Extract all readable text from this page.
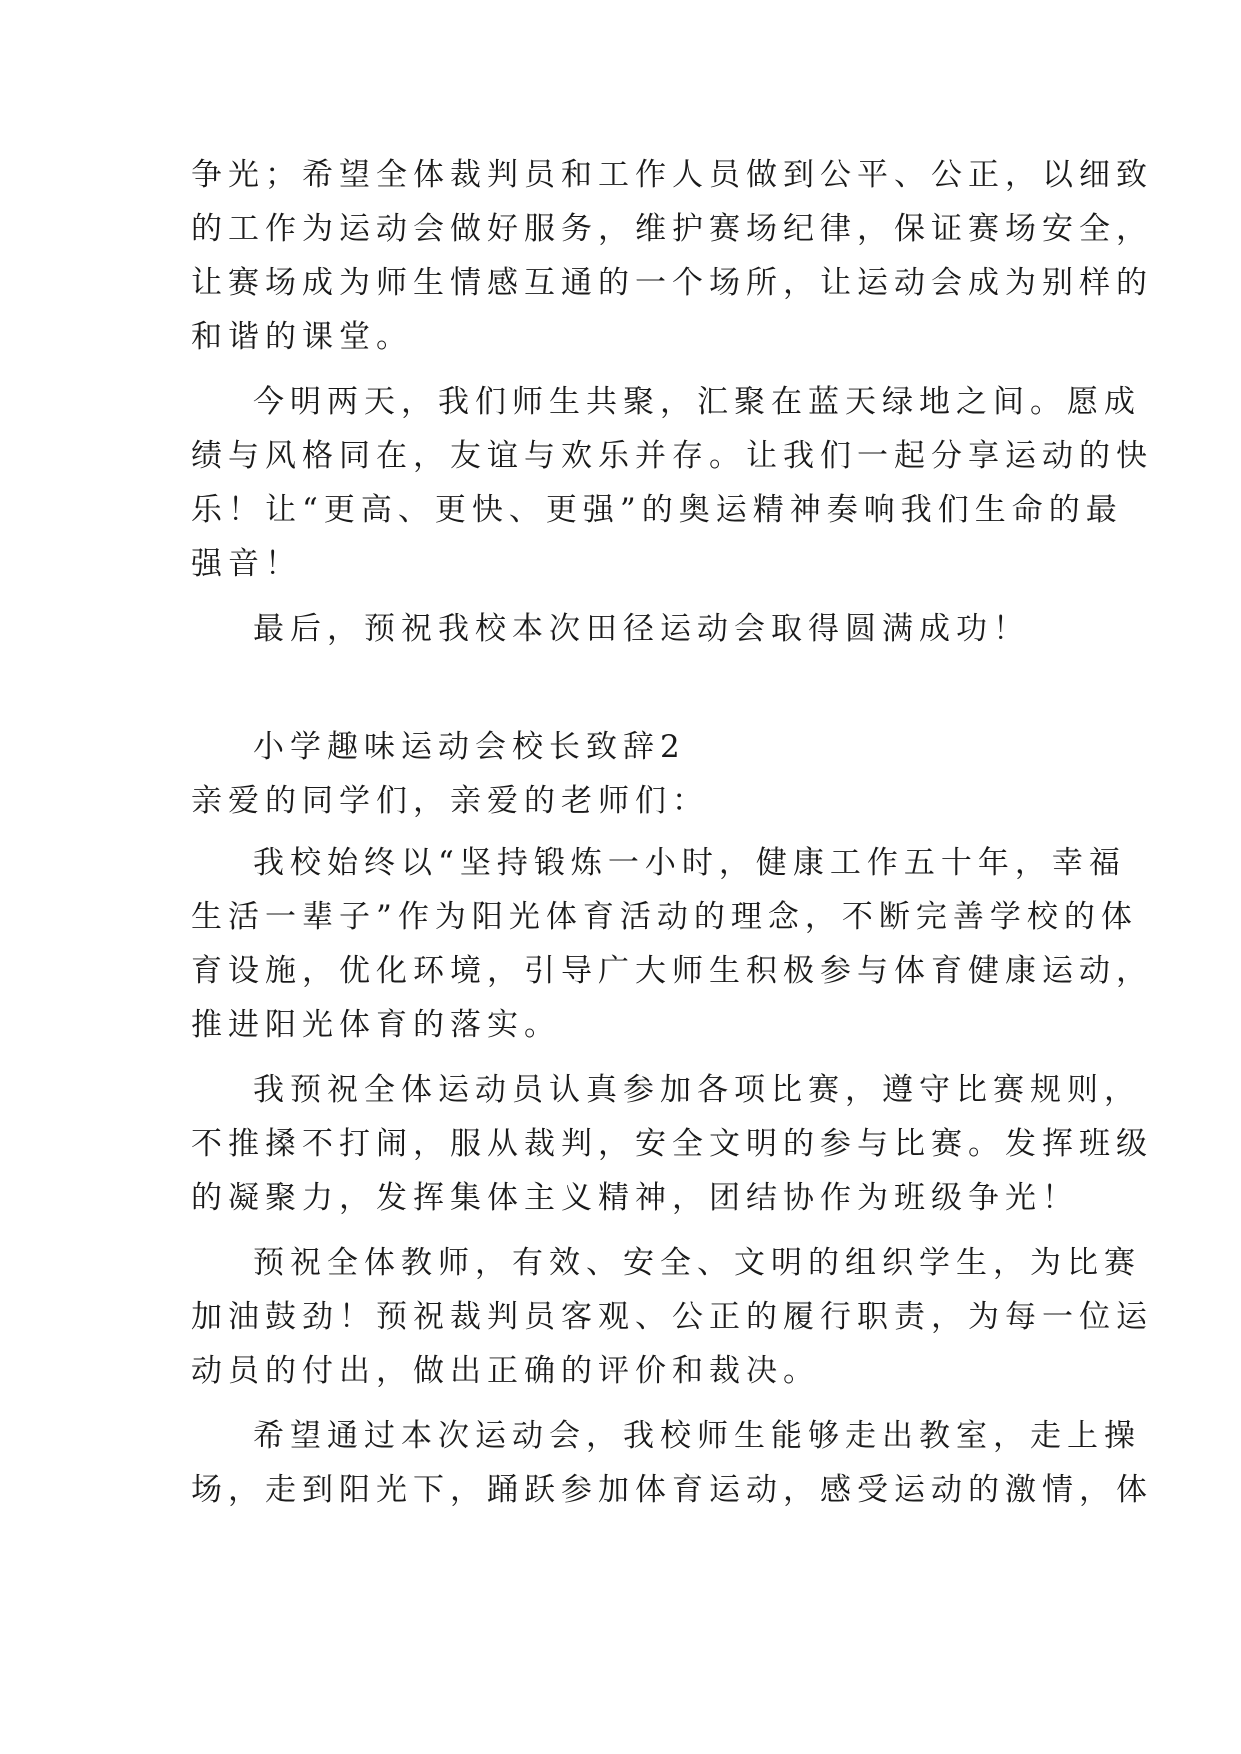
争光；希望全体裁判员和工作人员做到公平、公正，以细致
的工作为运动会做好服务，维护赛场纪律，保证赛场安全，
让赛场成为师生情感互通的一个场所，让运动会成为别样的
和谐的课堂。
今明两天，我们师生共聚，汇聚在蓝天绿地之间。愿成
绩与风格同在，友谊与欢乐并存。让我们一起分享运动的快
乐！让“更高、更快、更强”的奥运精神奏响我们生命的最
强音！
最后，预祝我校本次田径运动会取得圆满成功！
小学趣味运动会校长致辞2
亲爱的同学们，亲爱的老师们：
我校始终以“坚持锻炼一小时，健康工作五十年，幸福
生活一辈子”作为阳光体育活动的理念，不断完善学校的体
育设施，优化环境，引导广大师生积极参与体育健康运动，
推进阳光体育的落实。
我预祝全体运动员认真参加各项比赛，遵守比赛规则，
不推搡不打闹，服从裁判，安全文明的参与比赛。发挥班级
的凝聚力，发挥集体主义精神，团结协作为班级争光！
预祝全体教师，有效、安全、文明的组织学生，为比赛
加油鼓劲！预祝裁判员客观、公正的履行职责，为每一位运
动员的付出，做出正确的评价和裁决。
希望通过本次运动会，我校师生能够走出教室，走上操
场，走到阳光下，踊跃参加体育运动，感受运动的激情，体
